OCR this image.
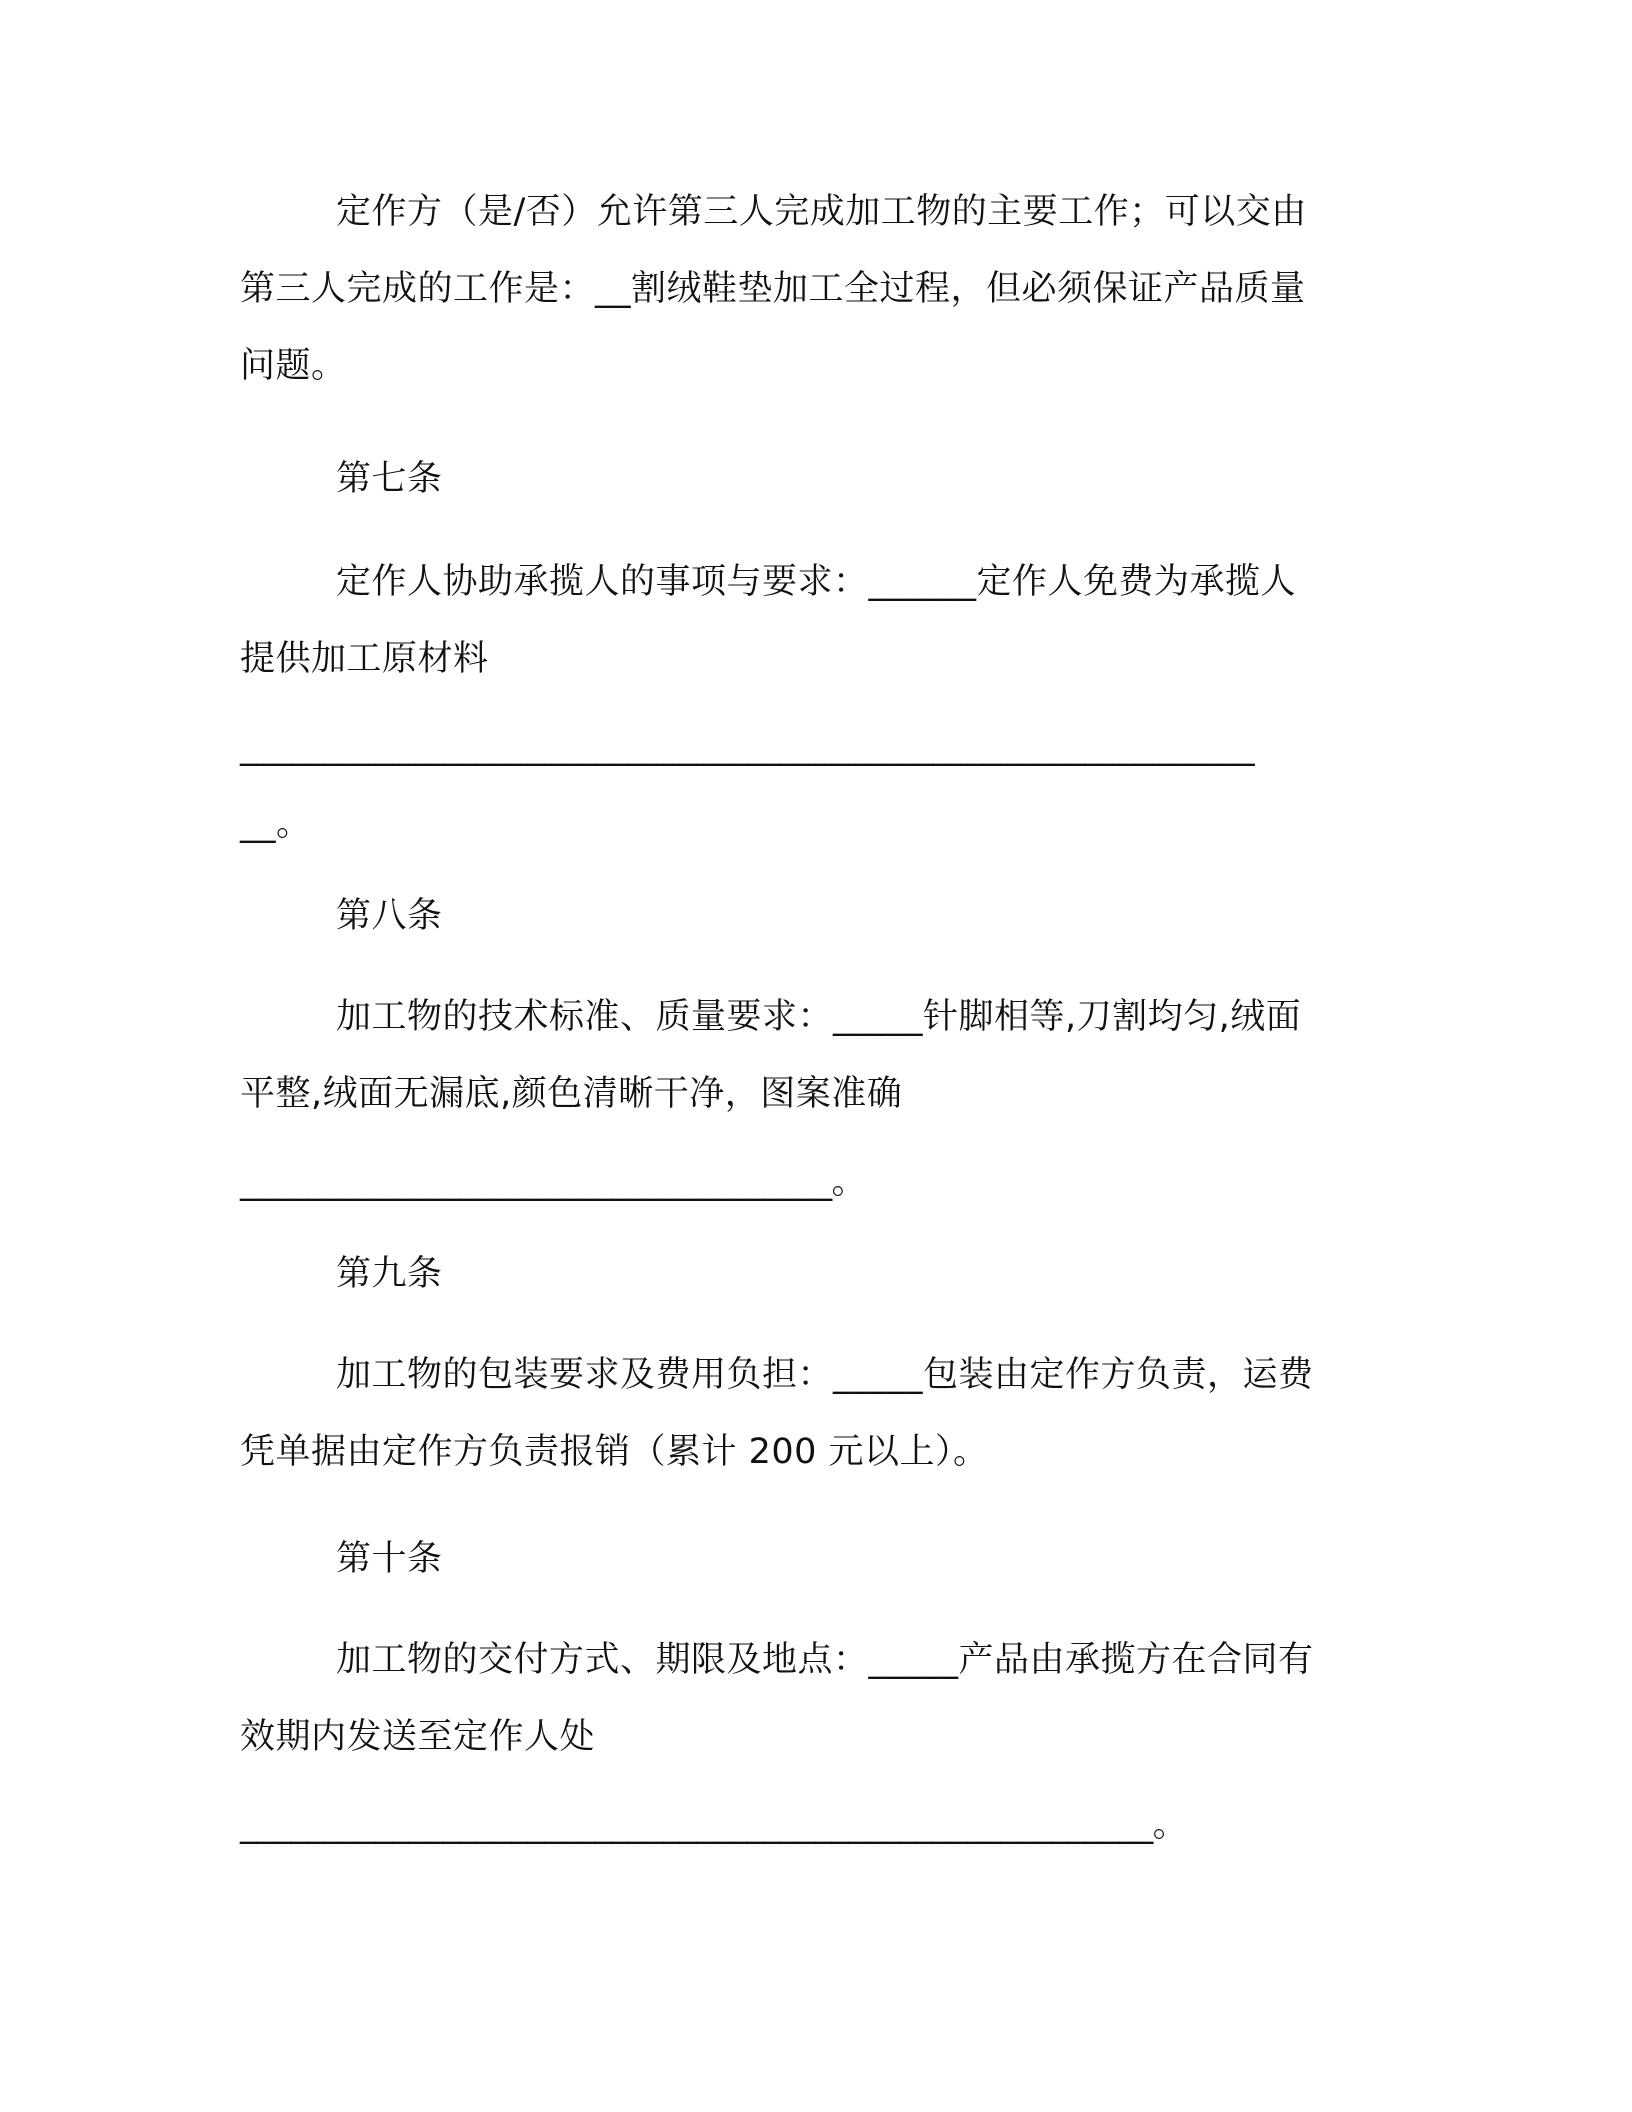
定作方（是/否）允许第三人完成加工物的主要工作；可以交由
第三人完成的工作是：__割绒鞋垫加工全过程，但必须保证产品质量
问题。
第七条
定作人协助承揽人的事项与要求：______定作人免费为承揽人
提供加工原材料
____________________________________________________________
__。
第八条
加工物的技术标准、质量要求：_____针脚相等,刀割均匀,绒面
平整,绒面无漏底,颜色清晰干净，图案准确
___________________________________。
第九条
加工物的包装要求及费用负担：_____包装由定作方负责，运费
凭单据由定作方负责报销（累计 200 元以上）。
第十条
加工物的交付方式、期限及地点：_____产品由承揽方在合同有
效期内发送至定作人处
______________________________________________________。
